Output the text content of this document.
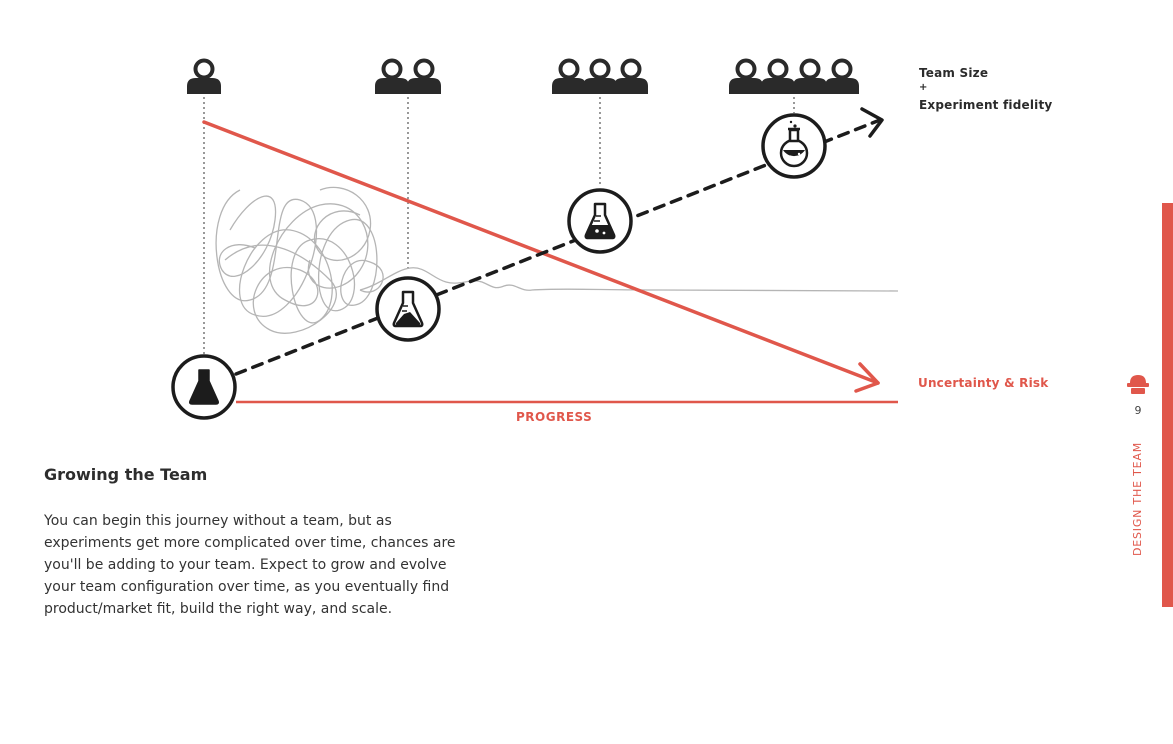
Team Size
+
Experiment fidelity
Uncertainty & Risk
PROGRESS
Growing the Team

You can begin this journey without a team, but as experiments get more complicated over time, chances are you'll be adding to your team. Expect to grow and evolve your team configuration over time, as you eventually find product/market fit, build the right way, and scale.

9
DESIGN THE TEAM
